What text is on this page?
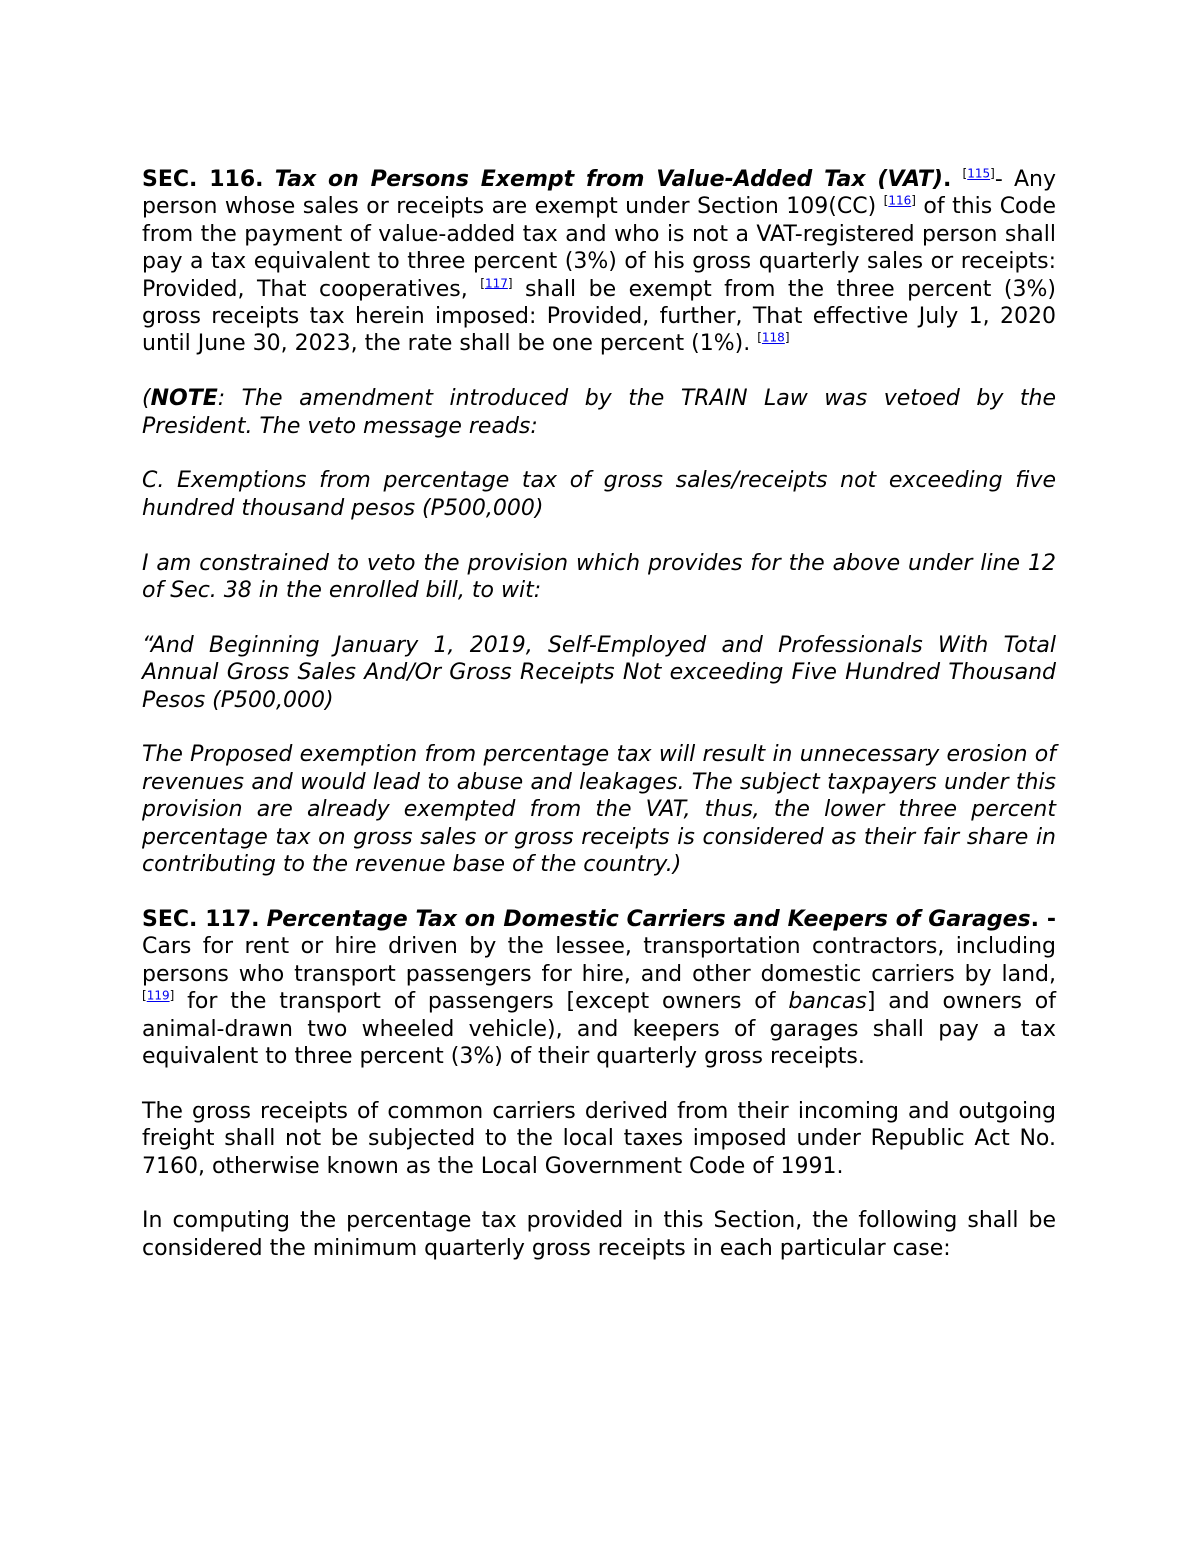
SEC. 116. Tax on Persons Exempt from Value-Added Tax (VAT). [115]- Any person whose sales or receipts are exempt under Section 109(CC) [116] of this Code from the payment of value-added tax and who is not a VAT-registered person shall pay a tax equivalent to three percent (3%) of his gross quarterly sales or receipts: Provided, That cooperatives, [117] shall be exempt from the three percent (3%) gross receipts tax herein imposed: Provided, further, That effective July 1, 2020 until June 30, 2023, the rate shall be one percent (1%). [118]

(NOTE: The amendment introduced by the TRAIN Law was vetoed by the President. The veto message reads:

C. Exemptions from percentage tax of gross sales/receipts not exceeding five hundred thousand pesos (P500,000)

I am constrained to veto the provision which provides for the above under line 12 of Sec. 38 in the enrolled bill, to wit:

“And Beginning January 1, 2019, Self-Employed and Professionals With Total Annual Gross Sales And/Or Gross Receipts Not exceeding Five Hundred Thousand Pesos (P500,000)

The Proposed exemption from percentage tax will result in unnecessary erosion of revenues and would lead to abuse and leakages. The subject taxpayers under this provision are already exempted from the VAT, thus, the lower three percent percentage tax on gross sales or gross receipts is considered as their fair share in contributing to the revenue base of the country.)

SEC. 117. Percentage Tax on Domestic Carriers and Keepers of Garages. - Cars for rent or hire driven by the lessee, transportation contractors, including persons who transport passengers for hire, and other domestic carriers by land, [119] for the transport of passengers [except owners of bancas] and owners of animal-drawn two wheeled vehicle), and keepers of garages shall pay a tax equivalent to three percent (3%) of their quarterly gross receipts.

The gross receipts of common carriers derived from their incoming and outgoing freight shall not be subjected to the local taxes imposed under Republic Act No. 7160, otherwise known as the Local Government Code of 1991.

In computing the percentage tax provided in this Section, the following shall be considered the minimum quarterly gross receipts in each particular case:
